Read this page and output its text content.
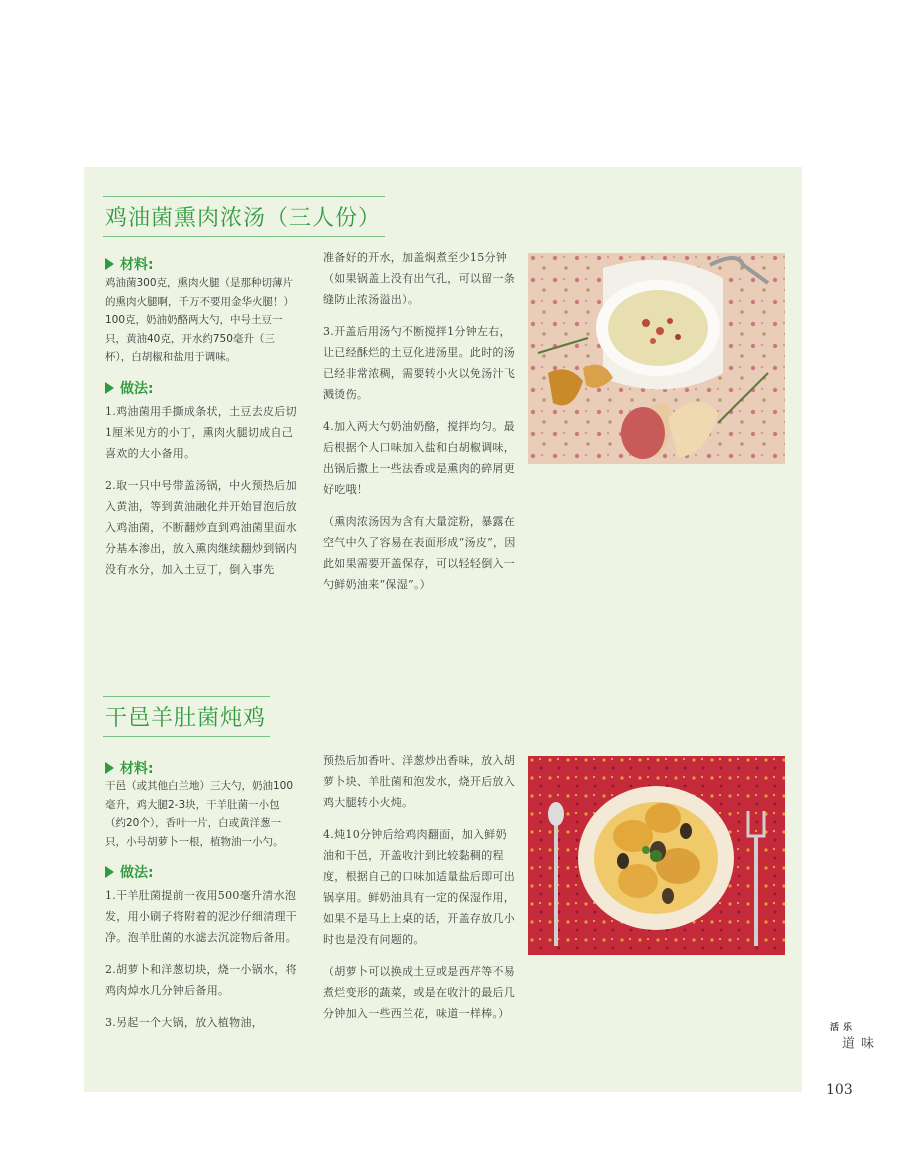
鸡油菌熏肉浓汤（三人份）
材料:
鸡油菌300克，熏肉火腿（是那种切薄片的熏肉火腿啊，千万不要用金华火腿！）100克，奶油奶酪两大勺，中号土豆一只，黄油40克，开水约750毫升（三杯），白胡椒和盐用于调味。
做法:

1.鸡油菌用手撕成条状，土豆去皮后切1厘米见方的小丁，熏肉火腿切成自己喜欢的大小备用。

2.取一只中号带盖汤锅，中火预热后加入黄油，等到黄油融化并开始冒泡后放入鸡油菌，不断翻炒直到鸡油菌里面水分基本渗出，放入熏肉继续翻炒到锅内没有水分，加入土豆丁，倒入事先

准备好的开水，加盖焖煮至少15分钟（如果锅盖上没有出气孔，可以留一条缝防止浓汤溢出）。

3.开盖后用汤勺不断搅拌1分钟左右，让已经酥烂的土豆化进汤里。此时的汤已经非常浓稠，需要转小火以免汤汁飞溅烫伤。

4.加入两大勺奶油奶酪，搅拌均匀。最后根据个人口味加入盐和白胡椒调味，出锅后撒上一些法香或是熏肉的碎屑更好吃哦！

（熏肉浓汤因为含有大量淀粉，暴露在空气中久了容易在表面形成“汤皮”，因此如果需要开盖保存，可以轻轻倒入一勺鲜奶油来“保湿”。）

干邑羊肚菌炖鸡
材料:
干邑（或其他白兰地）三大勺，奶油100毫升，鸡大腿2-3块，干羊肚菌一小包（约20个），香叶一片，白或黄洋葱一只，小号胡萝卜一根，植物油一小勺。
做法:

1.干羊肚菌提前一夜用500毫升清水泡发，用小刷子将附着的泥沙仔细清理干净。泡羊肚菌的水滤去沉淀物后备用。

2.胡萝卜和洋葱切块，烧一小锅水，将鸡肉焯水几分钟后备用。

3.另起一个大锅，放入植物油，

预热后加香叶、洋葱炒出香味，放入胡萝卜块、羊肚菌和泡发水，烧开后放入鸡大腿转小火炖。

4.炖10分钟后给鸡肉翻面，加入鲜奶油和干邑，开盖收汁到比较黏稠的程度，根据自己的口味加适量盐后即可出锅享用。鲜奶油具有一定的保湿作用，如果不是马上上桌的话，开盖存放几小时也是没有问题的。

（胡萝卜可以换成土豆或是西芹等不易煮烂变形的蔬菜，或是在收汁的最后几分钟加入一些西兰花，味道一样棒。）

乐活
味道
103
